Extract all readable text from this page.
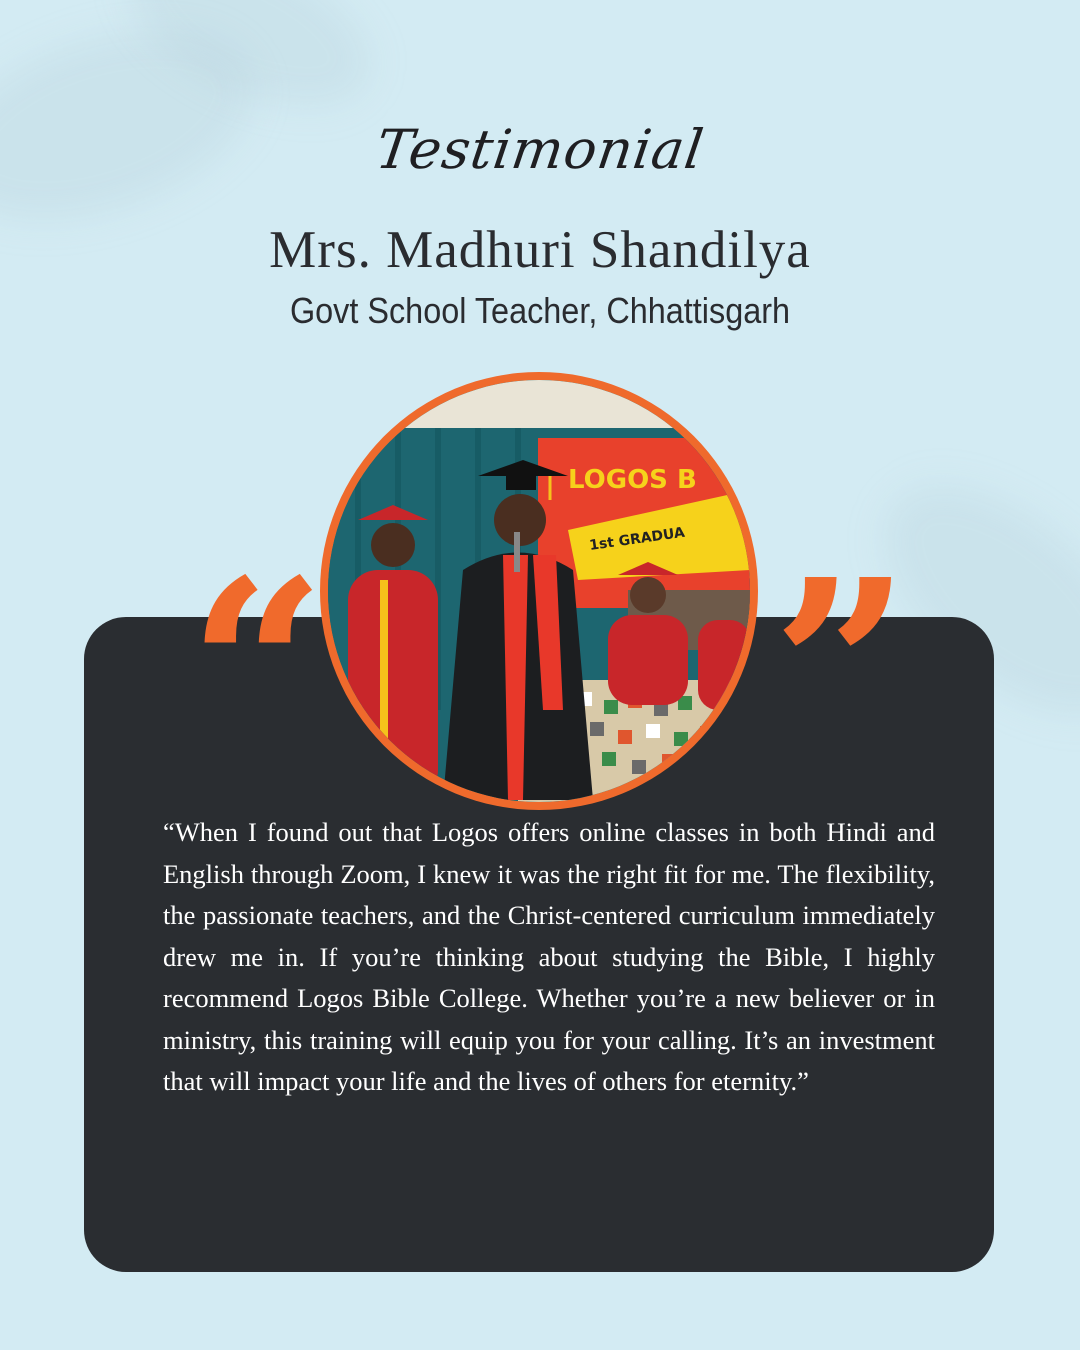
Testimonial
Mrs. Madhuri Shandilya
Govt School Teacher, Chhattisgarh
“ ”
LOGOS B
1st GRADUA

“When I found out that Logos offers online classes in both Hindi and English through Zoom, I knew it was the right fit for me. The flexibility, the passionate teachers, and the Christ-centered curriculum immediately drew me in. If you’re thinking about studying the Bible, I highly recommend Logos Bible College. Whether you’re a new believer or in ministry, this training will equip you for your calling. It’s an investment that will impact your life and the lives of others for eternity.”
